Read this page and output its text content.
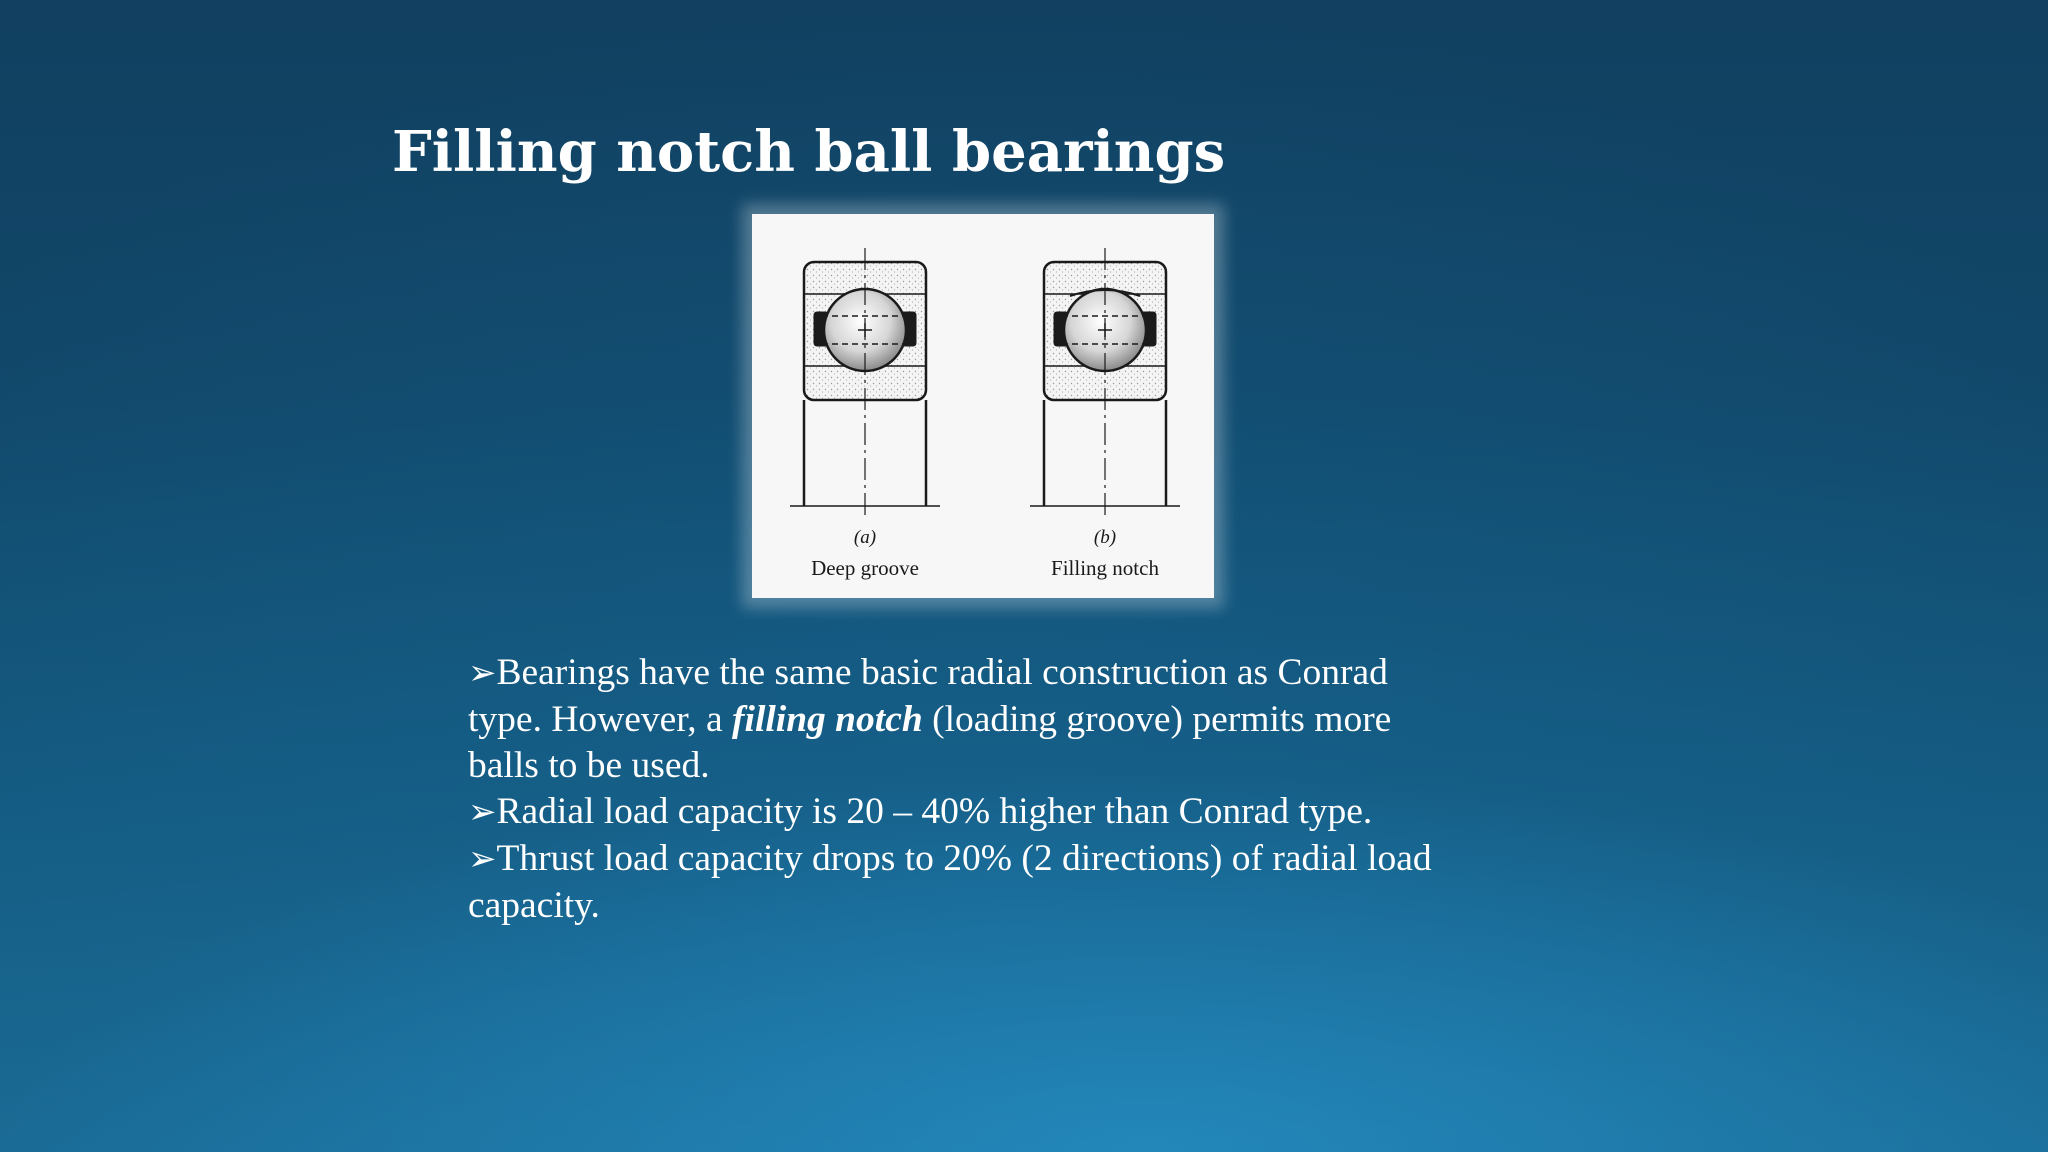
Filling notch ball bearings
(a)
Deep groove
(b)
Filling notch

➢Bearings have the same basic radial construction as Conrad type. However, a filling notch (loading groove) permits more balls to be used.

➢Radial load capacity is 20 – 40% higher than Conrad type.

➢Thrust load capacity drops to 20% (2 directions) of radial load capacity.
